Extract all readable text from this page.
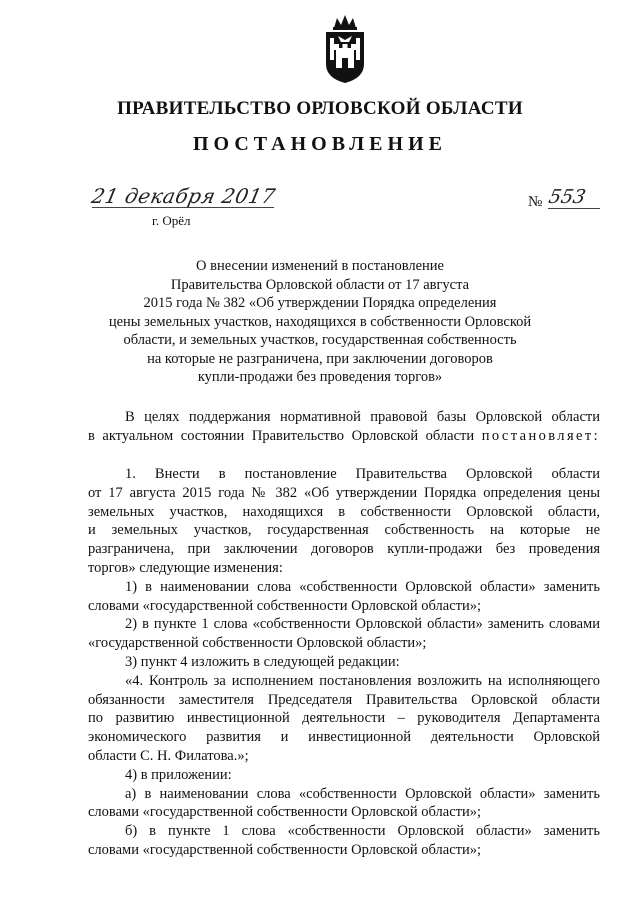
ПРАВИТЕЛЬСТВО ОРЛОВСКОЙ ОБЛАСТИ
ПОСТАНОВЛЕНИЕ
21 декабря 2017
г. Орёл
№ 553
О внесении изменений в постановление
Правительства Орловской области от 17 августа
2015 года № 382 «Об утверждении Порядка определения
цены земельных участков, находящихся в собственности Орловской
области, и земельных участков, государственная собственность
на которые не разграничена, при заключении договоров
купли-продажи без проведения торгов»
В целях поддержания нормативной правовой базы Орловской области
в актуальном состоянии Правительство Орловской области постановляет:
1. Внести в постановление Правительства Орловской области
от 17 августа 2015 года № 382 «Об утверждении Порядка определения цены
земельных участков, находящихся в собственности Орловской области,
и земельных участков, государственная собственность на которые не
разграничена, при заключении договоров купли-продажи без проведения
торгов» следующие изменения:
1) в наименовании слова «собственности Орловской области» заменить
словами «государственной собственности Орловской области»;
2) в пункте 1 слова «собственности Орловской области» заменить словами
«государственной собственности Орловской области»;
3) пункт 4 изложить в следующей редакции:
«4. Контроль за исполнением постановления возложить на исполняющего
обязанности заместителя Председателя Правительства Орловской области
по развитию инвестиционной деятельности – руководителя Департамента
экономического развития и инвестиционной деятельности Орловской
области С. Н. Филатова.»;
4) в приложении:
а) в наименовании слова «собственности Орловской области» заменить
словами «государственной собственности Орловской области»;
б) в пункте 1 слова «собственности Орловской области» заменить
словами «государственной собственности Орловской области»;
